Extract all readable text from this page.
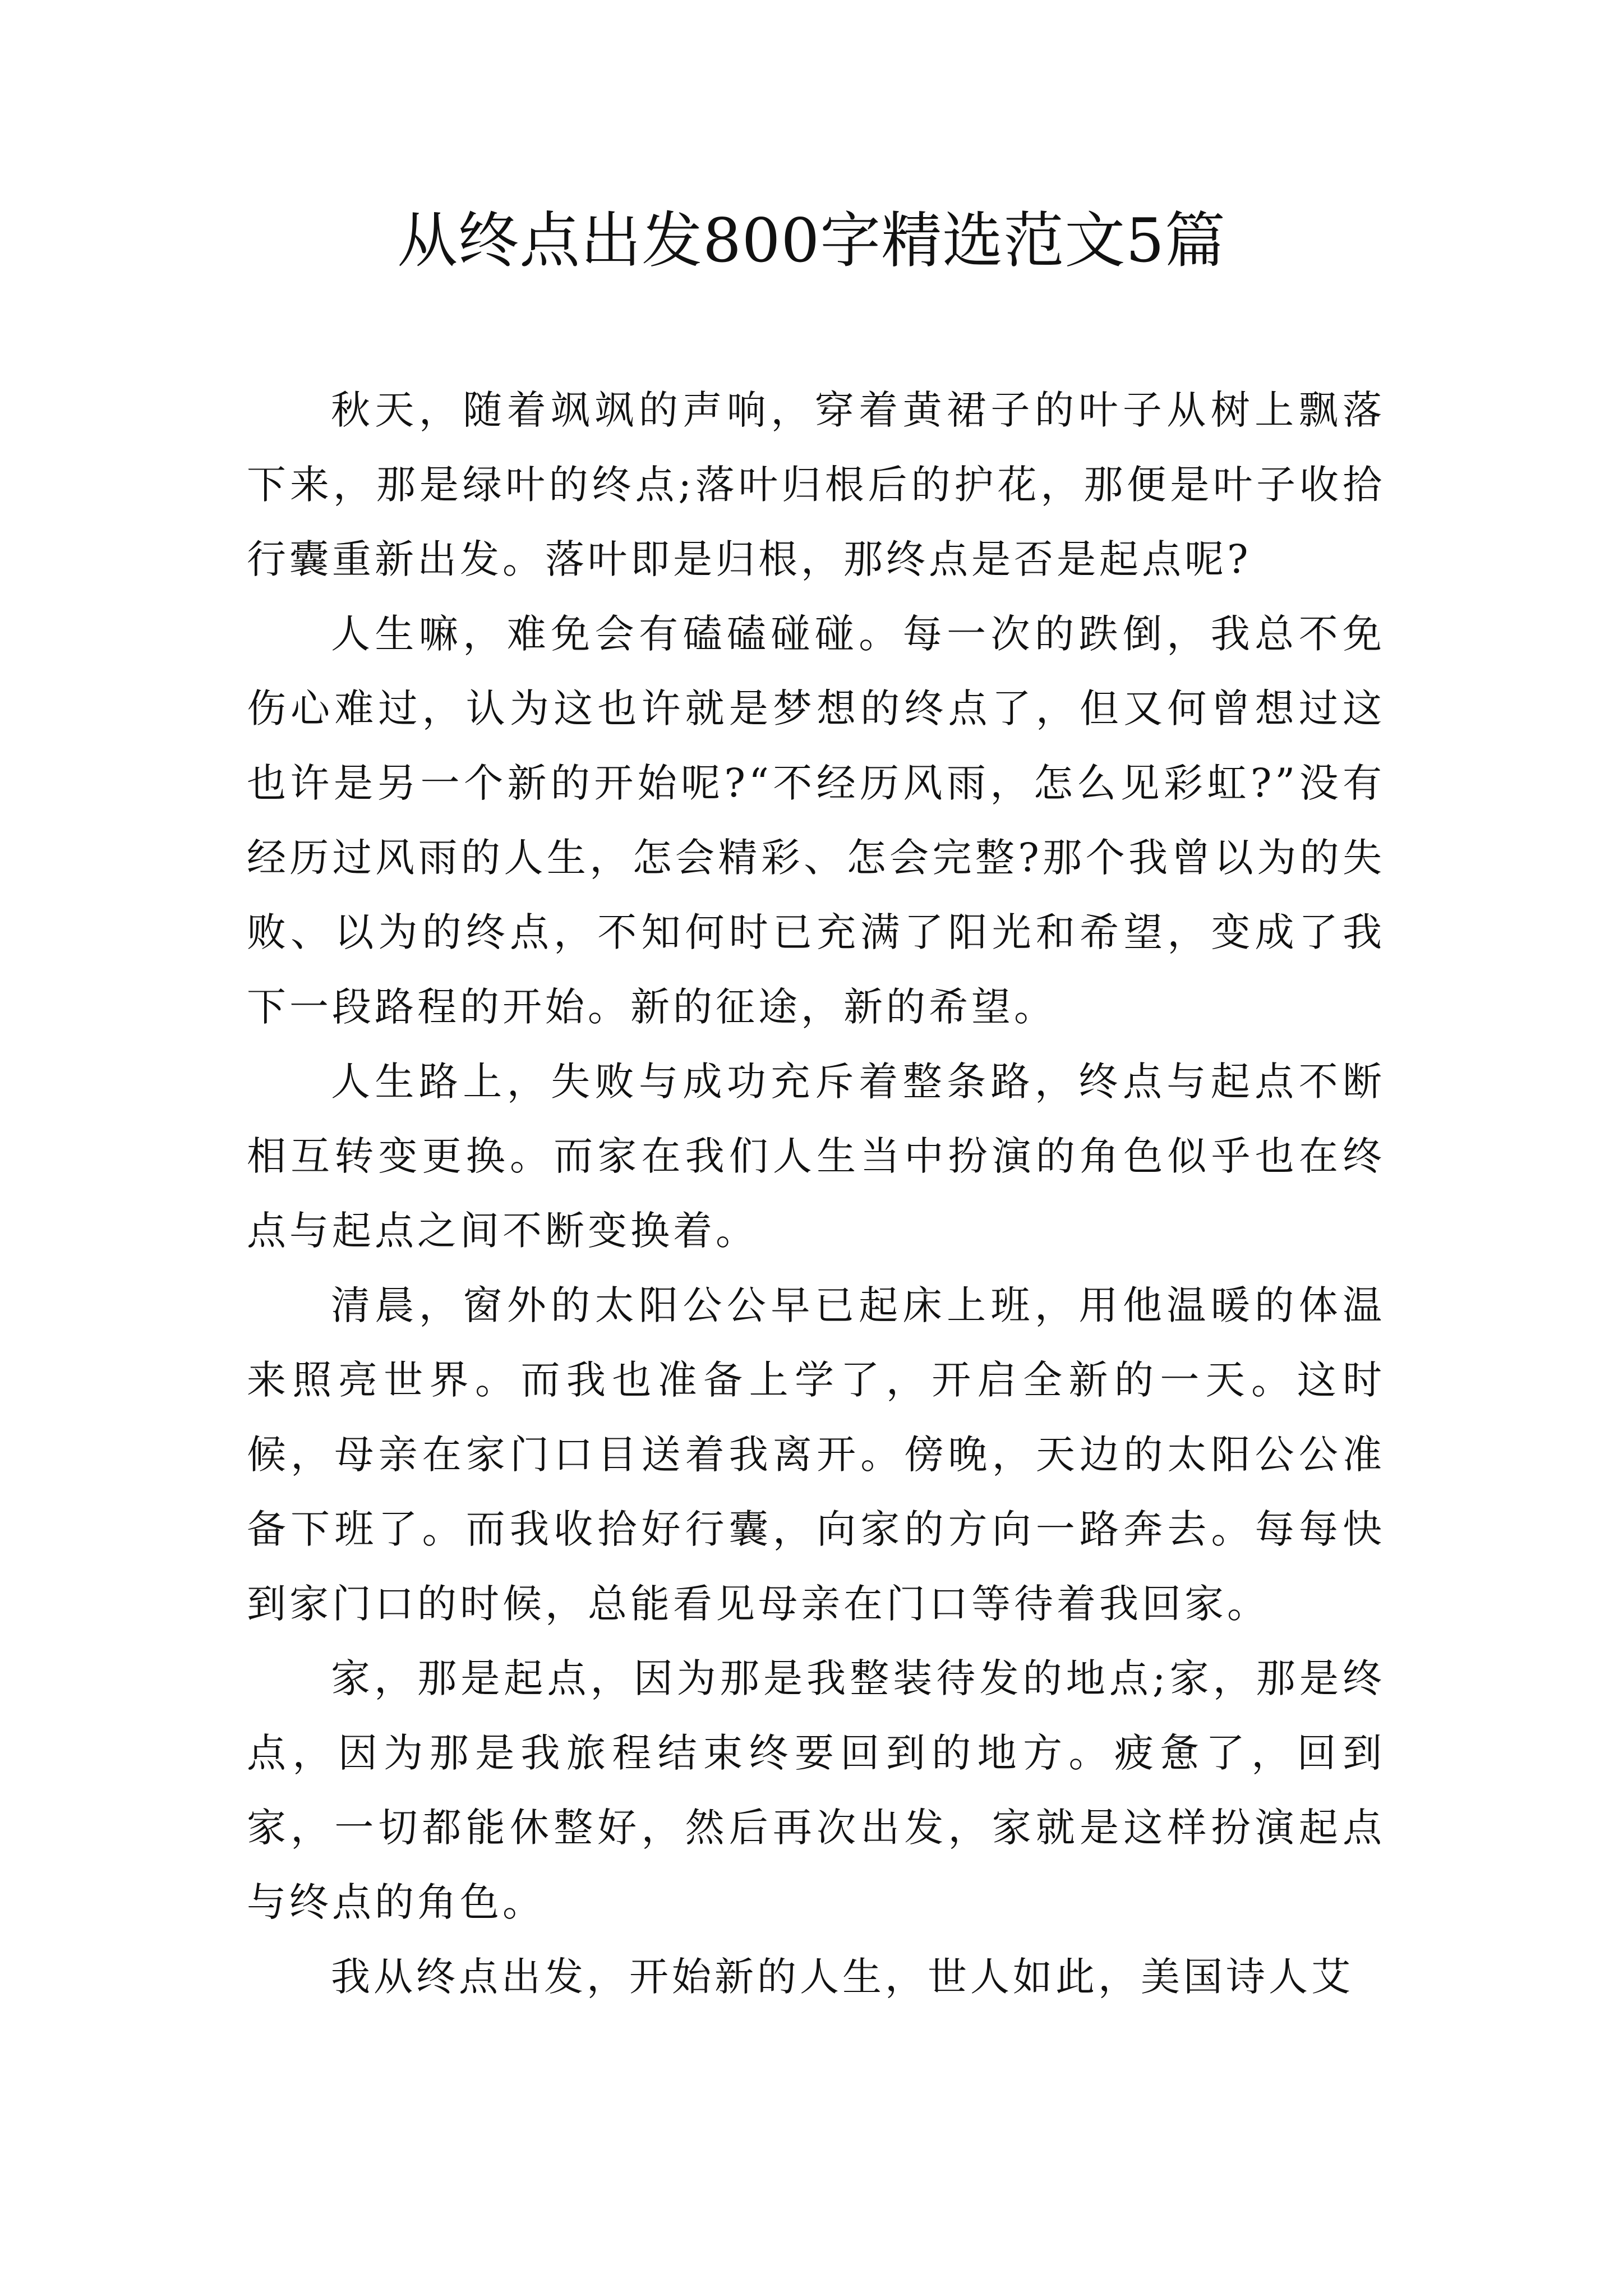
从终点出发800字精选范文5篇

秋天，随着飒飒的声响，穿着黄裙子的叶子从树上飘落下来，那是绿叶的终点;落叶归根后的护花，那便是叶子收拾行囊重新出发。落叶即是归根，那终点是否是起点呢?

人生嘛，难免会有磕磕碰碰。每一次的跌倒，我总不免伤心难过，认为这也许就是梦想的终点了，但又何曾想过这也许是另一个新的开始呢?“不经历风雨，怎么见彩虹?”没有经历过风雨的人生，怎会精彩、怎会完整?那个我曾以为的失败、以为的终点，不知何时已充满了阳光和希望，变成了我下一段路程的开始。新的征途，新的希望。

人生路上，失败与成功充斥着整条路，终点与起点不断相互转变更换。而家在我们人生当中扮演的角色似乎也在终点与起点之间不断变换着。

清晨，窗外的太阳公公早已起床上班，用他温暖的体温来照亮世界。而我也准备上学了，开启全新的一天。这时候，母亲在家门口目送着我离开。傍晚，天边的太阳公公准备下班了。而我收拾好行囊，向家的方向一路奔去。每每快到家门口的时候，总能看见母亲在门口等待着我回家。

家，那是起点，因为那是我整装待发的地点;家，那是终点，因为那是我旅程结束终要回到的地方。疲惫了，回到家，一切都能休整好，然后再次出发，家就是这样扮演起点与终点的角色。

我从终点出发，开始新的人生，世人如此，美国诗人艾
